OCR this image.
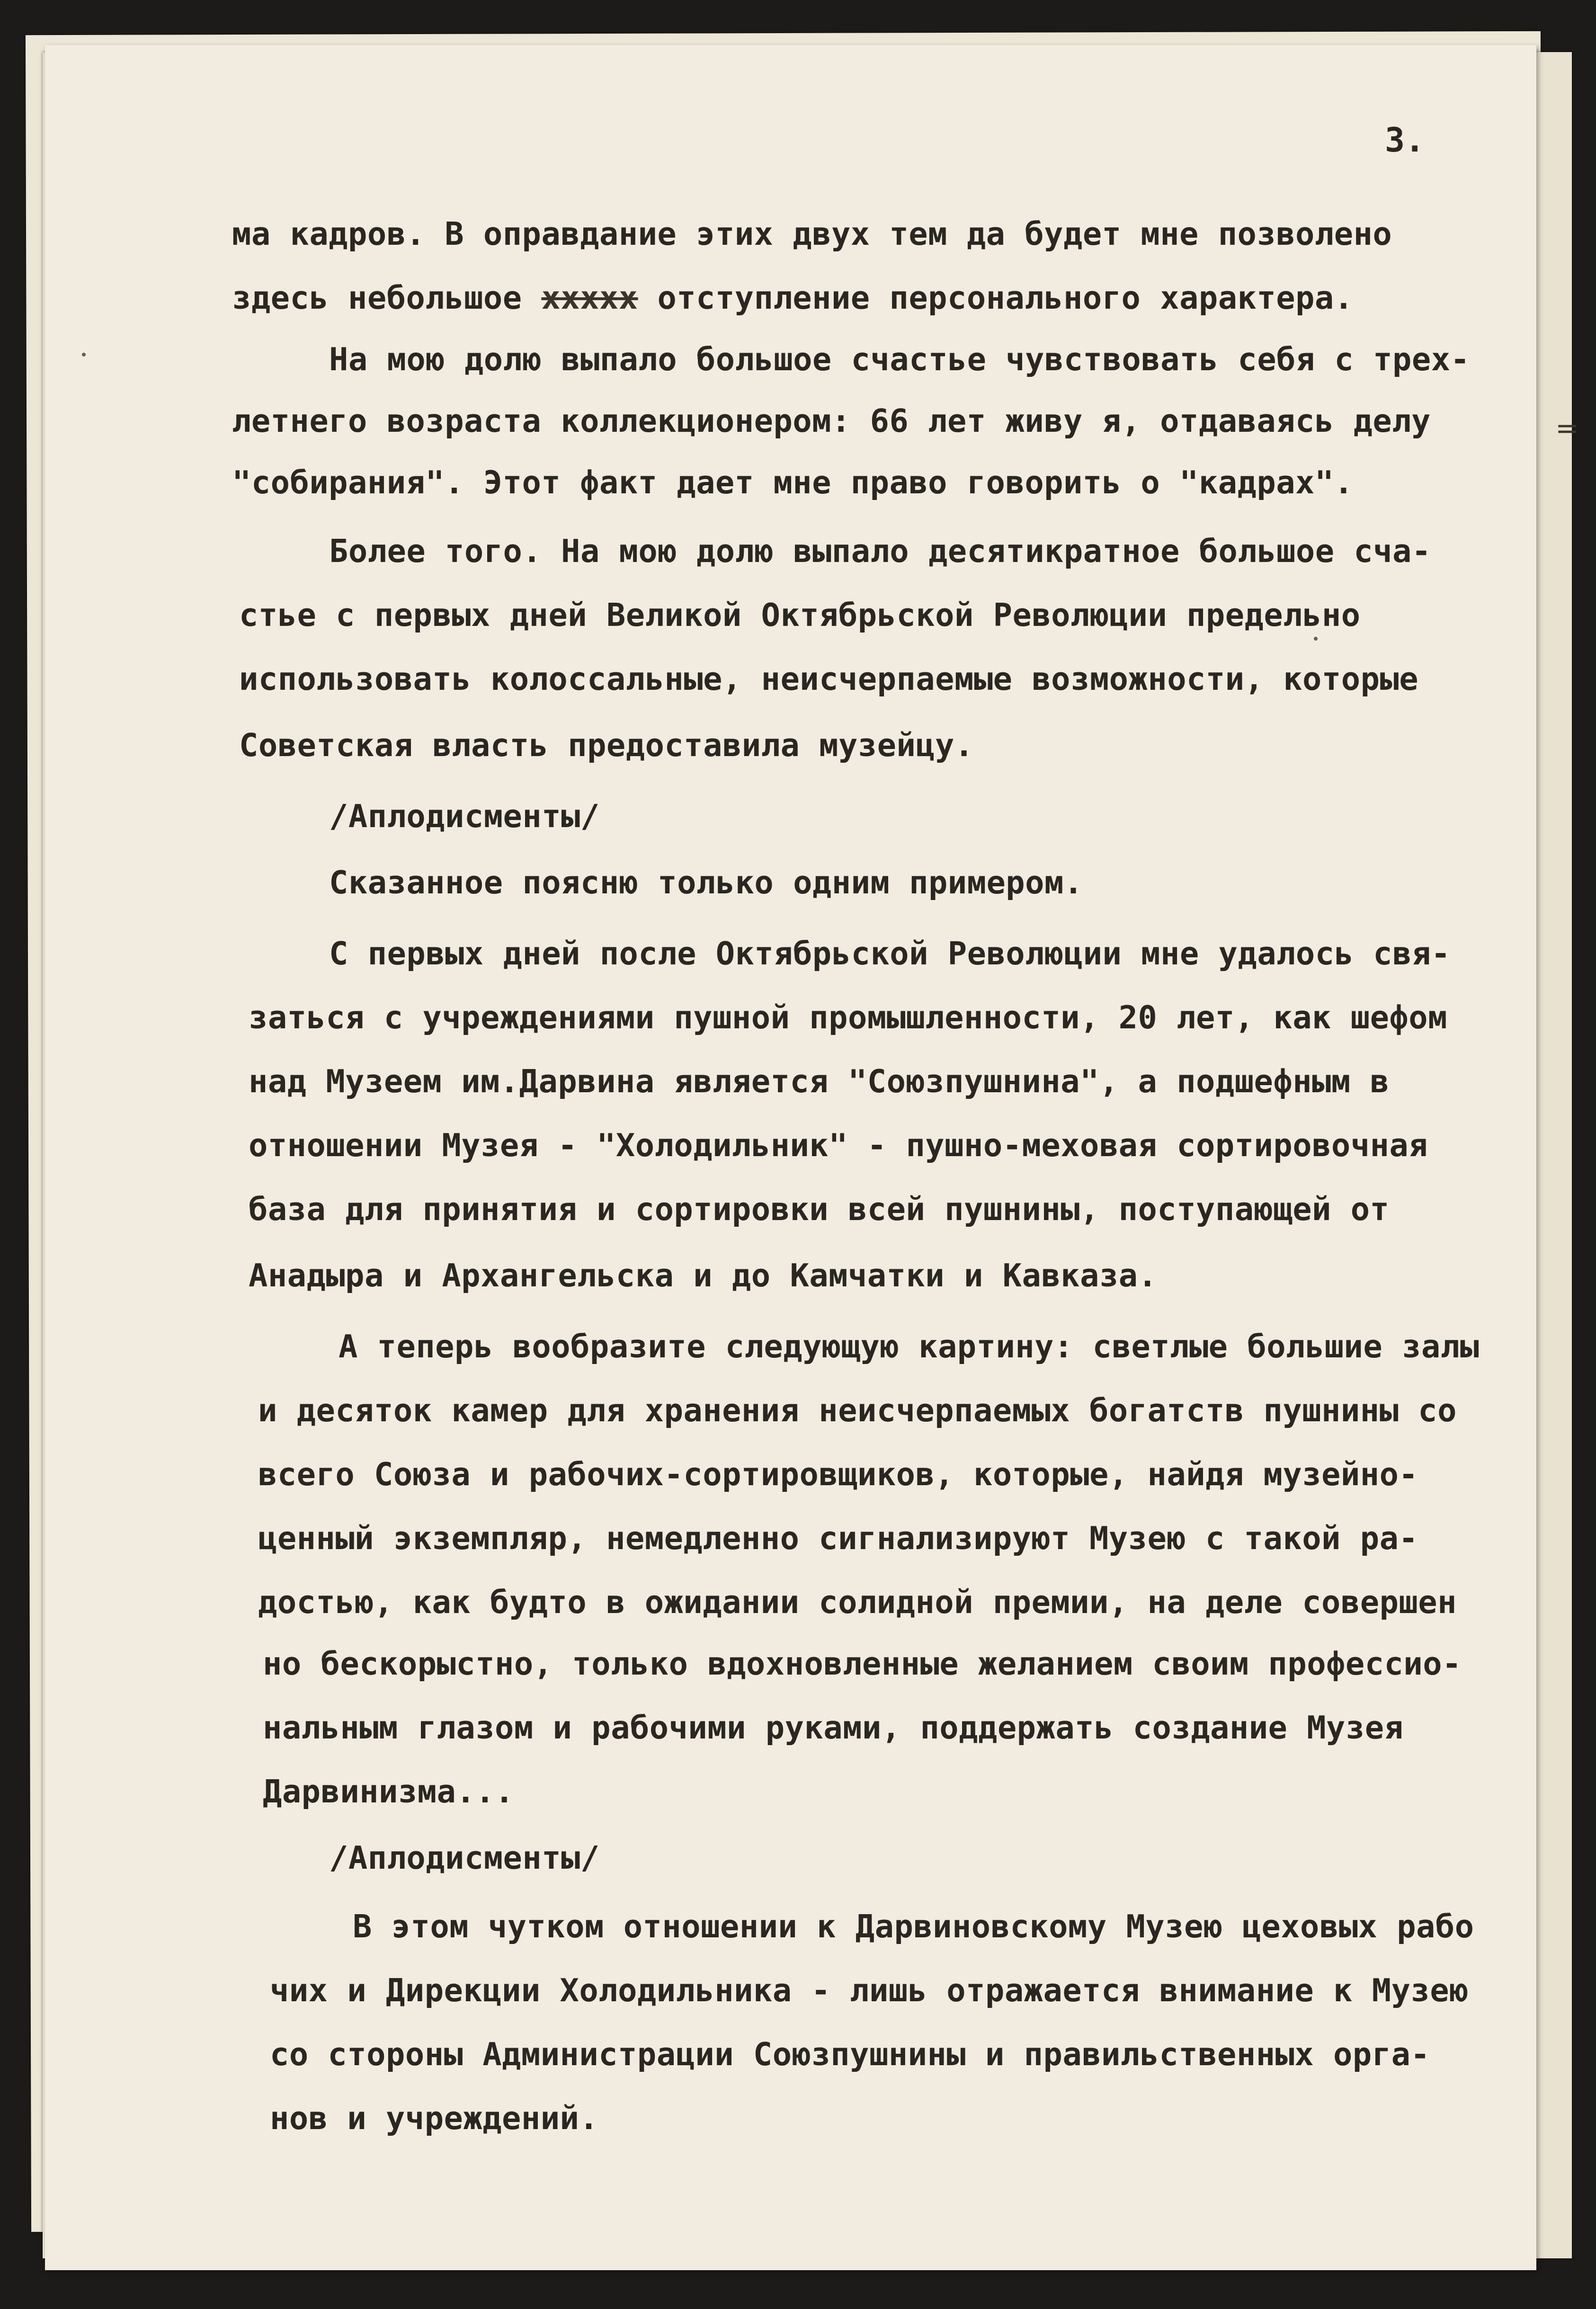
3.
=
ма кадров. В оправдание этих двух тем да будет мне позволено
здесь небольшое xxxxx отступление персонального характера.
На мою долю выпало большое счастье чувствовать себя с трех-
летнего возраста коллекционером: 66 лет живу я, отдаваясь делу
"собирания". Этот факт дает мне право говорить о "кадрах".
Более того. На мою долю выпало десятикратное большое сча-
стье с первых дней Великой Октябрьской Революции предельно
использовать колоссальные, неисчерпаемые возможности, которые
Советская власть предоставила музейцу.
/Аплодисменты/
Сказанное поясню только одним примером.
С первых дней после Октябрьской Революции мне удалось свя-
заться с учреждениями пушной промышленности, 20 лет, как шефом
над Музеем им.Дарвина является "Союзпушнина", а подшефным в
отношении Музея - "Холодильник" - пушно-меховая сортировочная
база для принятия и сортировки всей пушнины, поступающей от
Анадыра и Архангельска и до Камчатки и Кавказа.
А теперь вообразите следующую картину: светлые большие залы
и десяток камер для хранения неисчерпаемых богатств пушнины со
всего Союза и рабочих-сортировщиков, которые, найдя музейно-
ценный экземпляр, немедленно сигнализируют Музею с такой ра-
достью, как будто в ожидании солидной премии, на деле совершен
но бескорыстно, только вдохновленные желанием своим профессио-
нальным глазом и рабочими руками, поддержать создание Музея
Дарвинизма...
/Аплодисменты/
В этом чутком отношении к Дарвиновскому Музею цеховых рабо
чих и Дирекции Холодильника - лишь отражается внимание к Музею
со стороны Администрации Союзпушнины и правильственных орга-
нов и учреждений.
